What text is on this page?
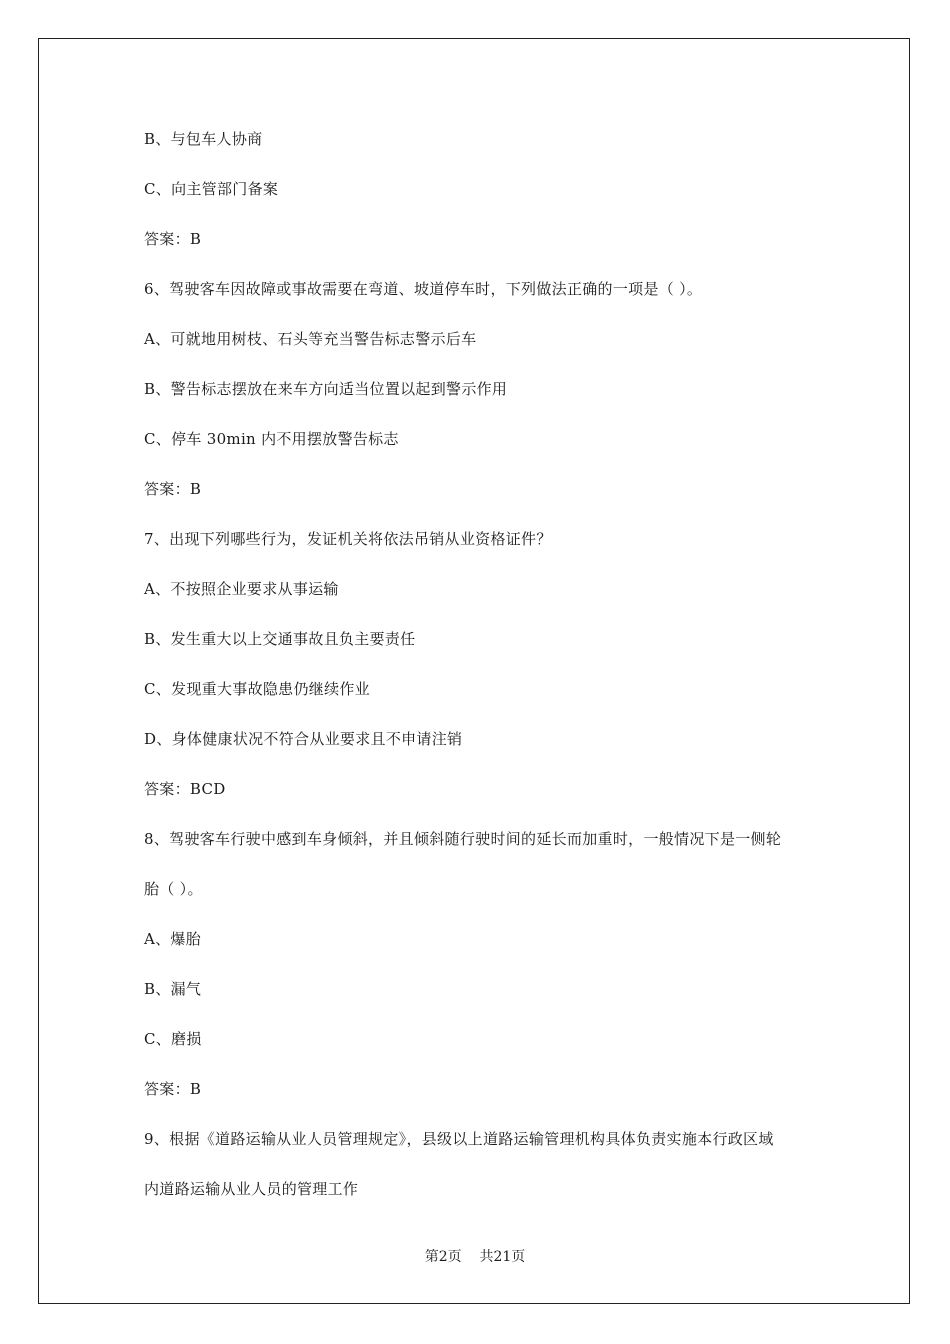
B、与包车人协商
C、向主管部门备案
答案：B
6、驾驶客车因故障或事故需要在弯道、坡道停车时，下列做法正确的一项是（ ）。
A、可就地用树枝、石头等充当警告标志警示后车
B、警告标志摆放在来车方向适当位置以起到警示作用
C、停车 30min 内不用摆放警告标志
答案：B
7、出现下列哪些行为，发证机关将依法吊销从业资格证件？
A、不按照企业要求从事运输
B、发生重大以上交通事故且负主要责任
C、发现重大事故隐患仍继续作业
D、身体健康状况不符合从业要求且不申请注销
答案：BCD
8、驾驶客车行驶中感到车身倾斜，并且倾斜随行驶时间的延长而加重时，一般情况下是一侧轮
胎（ ）。
A、爆胎
B、漏气
C、磨损
答案：B
9、根据《道路运输从业人员管理规定》，县级以上道路运输管理机构具体负责实施本行政区域
内道路运输从业人员的管理工作
第2页 共21页
